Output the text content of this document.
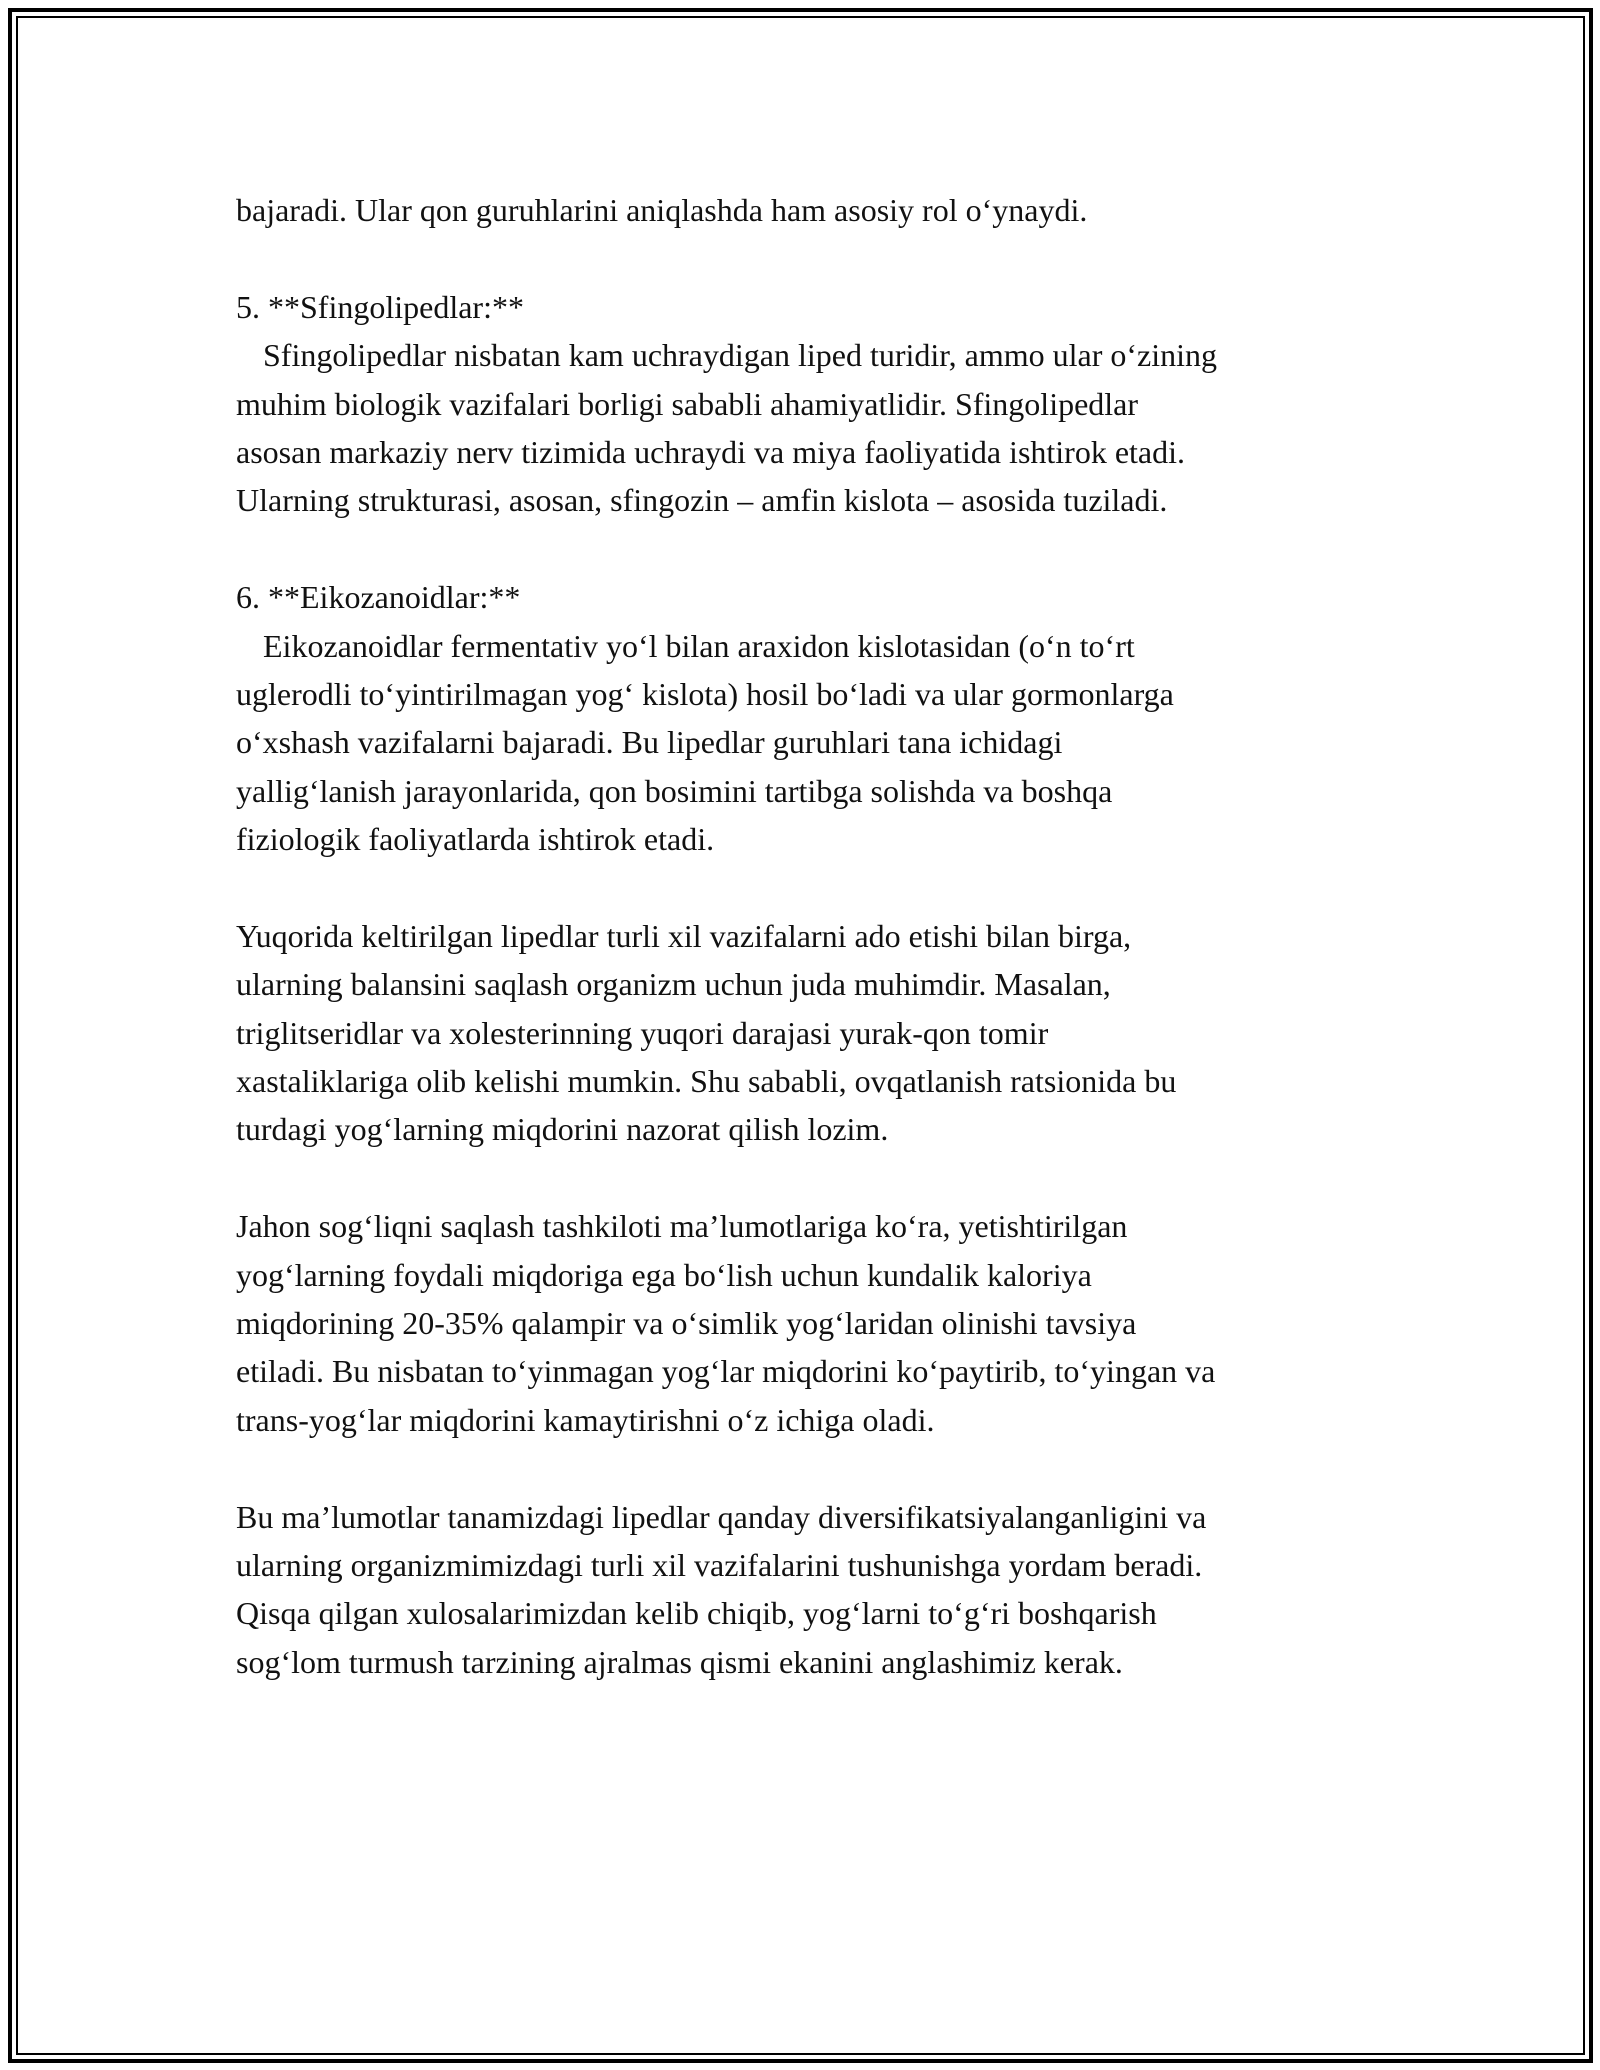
bajaradi. Ular qon guruhlarini aniqlashda ham asosiy rol o‘ynaydi.
5. **Sfingolipedlar:**
Sfingolipedlar nisbatan kam uchraydigan liped turidir, ammo ular o‘zining
muhim biologik vazifalari borligi sababli ahamiyatlidir. Sfingolipedlar
asosan markaziy nerv tizimida uchraydi va miya faoliyatida ishtirok etadi.
Ularning strukturasi, asosan, sfingozin – amfin kislota – asosida tuziladi.
6. **Eikozanoidlar:**
Eikozanoidlar fermentativ yo‘l bilan araxidon kislotasidan (o‘n to‘rt
uglerodli to‘yintirilmagan yog‘ kislota) hosil bo‘ladi va ular gormonlarga
o‘xshash vazifalarni bajaradi. Bu lipedlar guruhlari tana ichidagi
yallig‘lanish jarayonlarida, qon bosimini tartibga solishda va boshqa
fiziologik faoliyatlarda ishtirok etadi.
Yuqorida keltirilgan lipedlar turli xil vazifalarni ado etishi bilan birga,
ularning balansini saqlash organizm uchun juda muhimdir. Masalan,
triglitseridlar va xolesterinning yuqori darajasi yurak-qon tomir
xastaliklariga olib kelishi mumkin. Shu sababli, ovqatlanish ratsionida bu
turdagi yog‘larning miqdorini nazorat qilish lozim.
Jahon sog‘liqni saqlash tashkiloti ma’lumotlariga ko‘ra, yetishtirilgan
yog‘larning foydali miqdoriga ega bo‘lish uchun kundalik kaloriya
miqdorining 20-35% qalampir va o‘simlik yog‘laridan olinishi tavsiya
etiladi. Bu nisbatan to‘yinmagan yog‘lar miqdorini ko‘paytirib, to‘yingan va
trans-yog‘lar miqdorini kamaytirishni o‘z ichiga oladi.
Bu ma’lumotlar tanamizdagi lipedlar qanday diversifikatsiyalanganligini va
ularning organizmimizdagi turli xil vazifalarini tushunishga yordam beradi.
Qisqa qilgan xulosalarimizdan kelib chiqib, yog‘larni to‘g‘ri boshqarish
sog‘lom turmush tarzining ajralmas qismi ekanini anglashimiz kerak.
